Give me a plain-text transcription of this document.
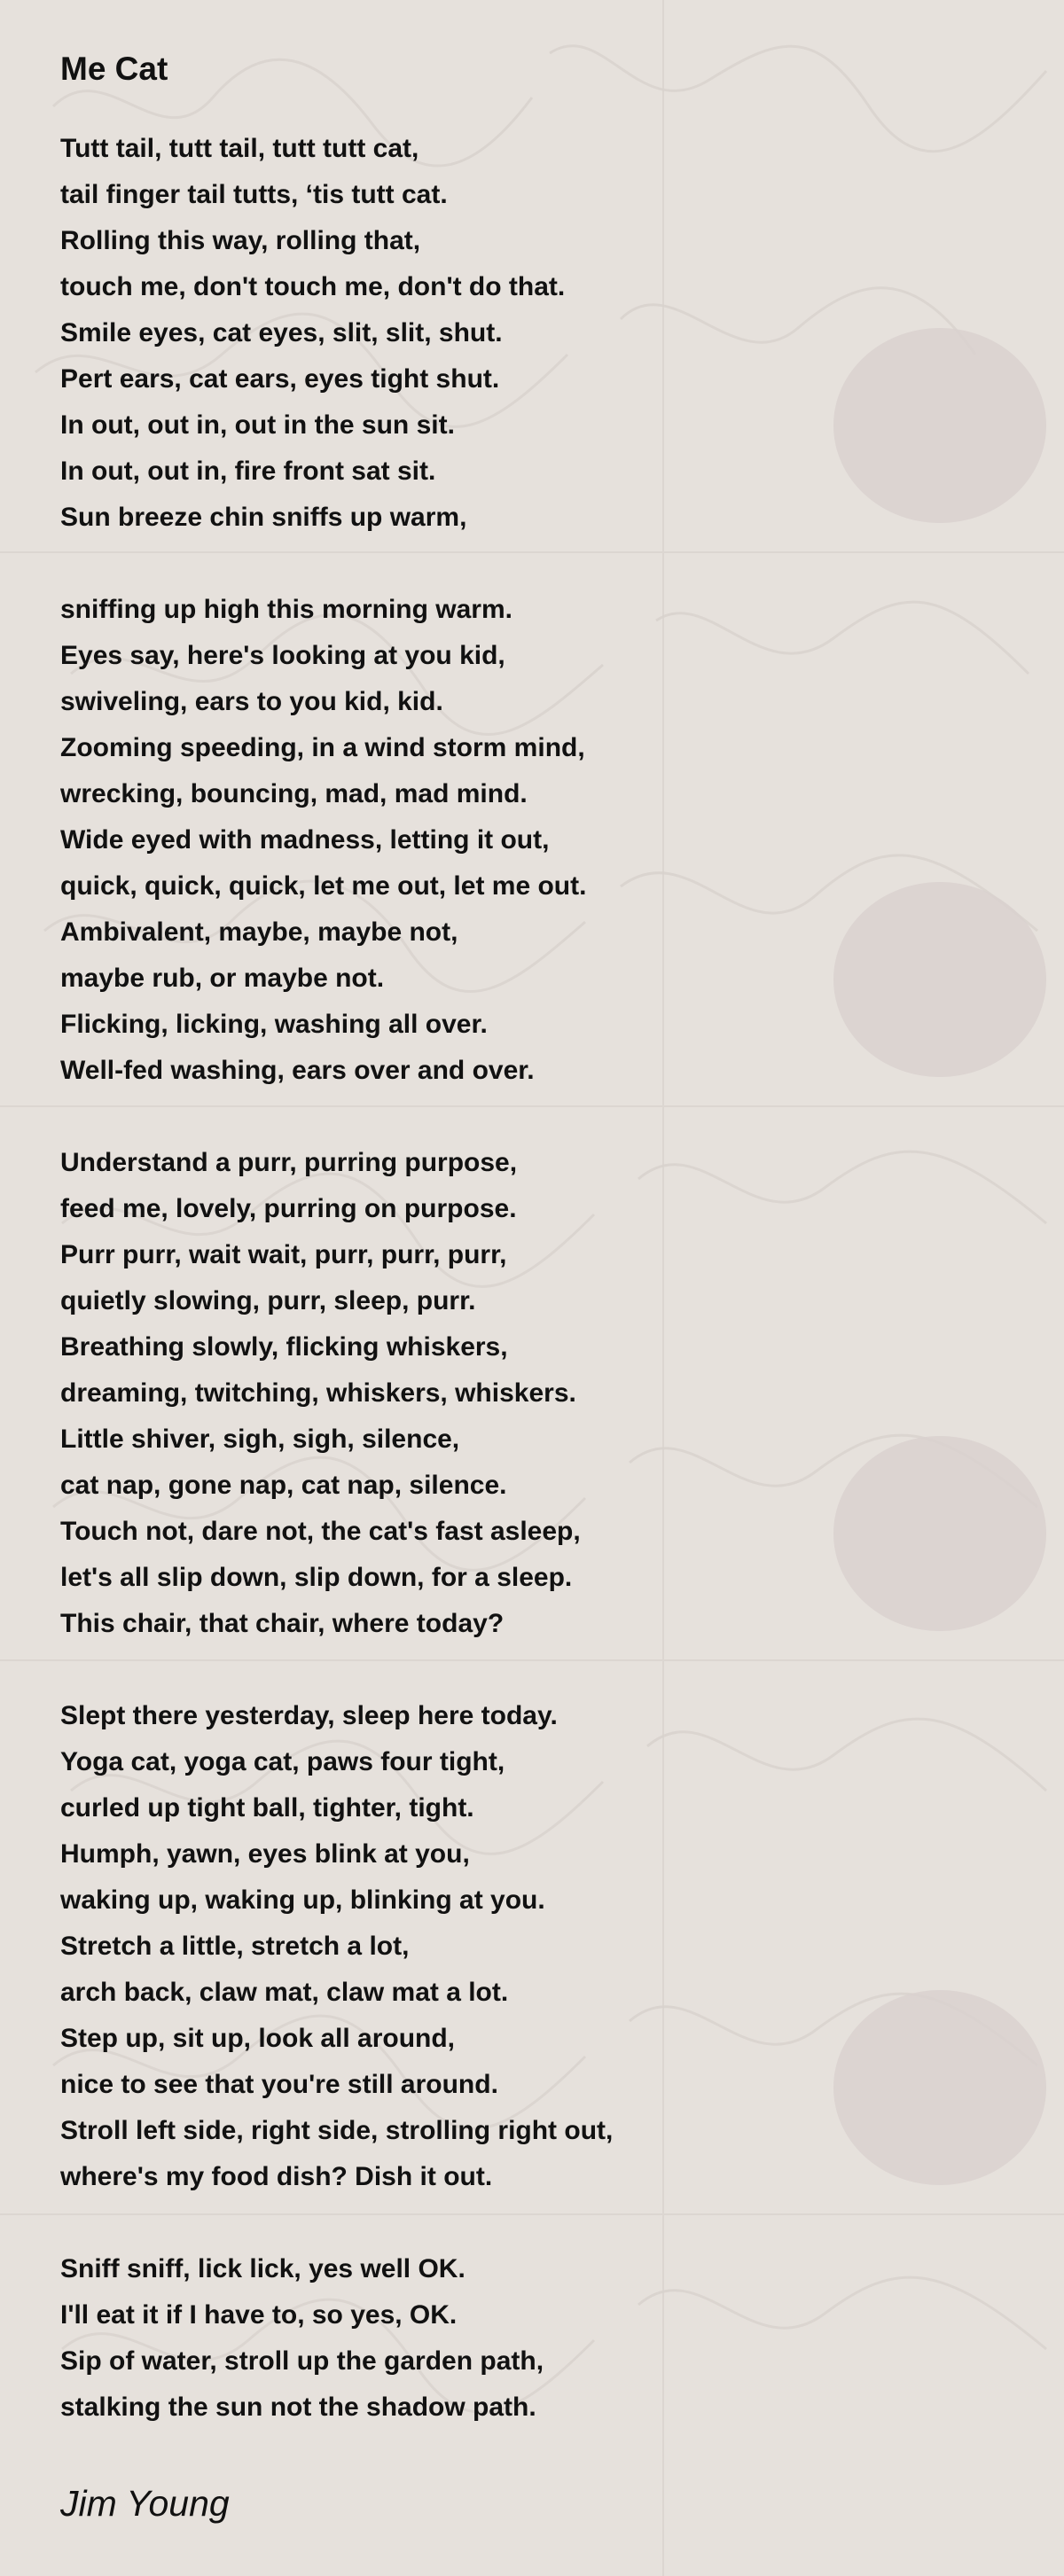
Me Cat
Tutt tail, tutt tail, tutt tutt cat,
tail finger tail tutts, ‘tis tutt cat.
Rolling this way, rolling that,
touch me, don't touch me, don't do that.
Smile eyes, cat eyes, slit, slit, shut.
Pert ears, cat ears, eyes tight shut.
In out, out in, out in the sun sit.
In out, out in, fire front sat sit.
Sun breeze chin sniffs up warm,
sniffing up high this morning warm.
Eyes say, here's looking at you kid,
swiveling, ears to you kid, kid.
Zooming speeding, in a wind storm mind,
wrecking, bouncing, mad, mad mind.
Wide eyed with madness, letting it out,
quick, quick, quick, let me out, let me out.
Ambivalent, maybe, maybe not,
maybe rub, or maybe not.
Flicking, licking, washing all over.
Well-fed washing, ears over and over.
Understand a purr, purring purpose,
feed me, lovely, purring on purpose.
Purr purr, wait wait, purr, purr, purr,
quietly slowing, purr, sleep, purr.
Breathing slowly, flicking whiskers,
dreaming, twitching, whiskers, whiskers.
Little shiver, sigh, sigh, silence,
cat nap, gone nap, cat nap, silence.
Touch not, dare not, the cat's fast asleep,
let's all slip down, slip down, for a sleep.
This chair, that chair, where today?
Slept there yesterday, sleep here today.
Yoga cat, yoga cat, paws four tight,
curled up tight ball, tighter, tight.
Humph, yawn, eyes blink at you,
waking up, waking up, blinking at you.
Stretch a little, stretch a lot,
arch back, claw mat, claw mat a lot.
Step up, sit up, look all around,
nice to see that you're still around.
Stroll left side, right side, strolling right out,
where's my food dish? Dish it out.
Sniff sniff, lick lick, yes well OK.
I'll eat it if I have to, so yes, OK.
Sip of water, stroll up the garden path,
stalking the sun not the shadow path.
Jim Young
